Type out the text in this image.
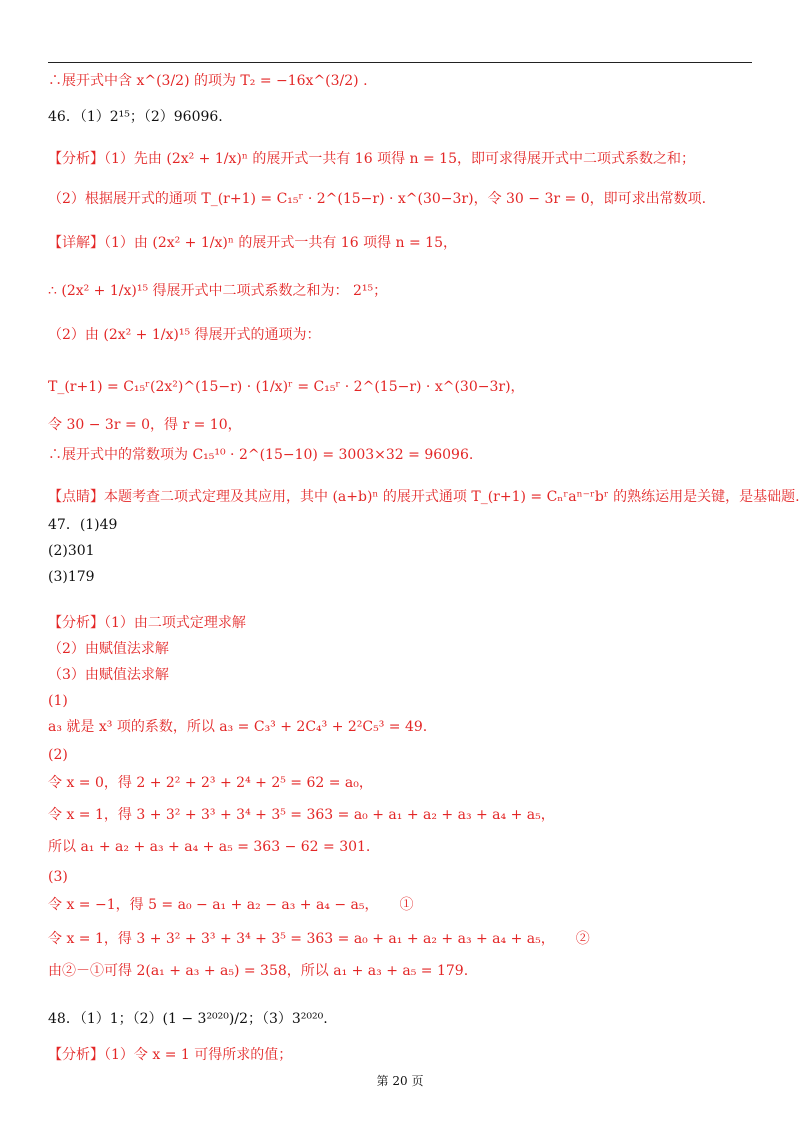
∴展开式中含 x^(3/2) 的项为 T₂ = −16x^(3/2) .
46．（1）2¹⁵；（2）96096.
【分析】（1）先由 (2x² + 1/x)ⁿ 的展开式一共有 16 项得 n = 15，即可求得展开式中二项式系数之和；
（2）根据展开式的通项 T_(r+1) = C₁₅ʳ · 2^(15−r) · x^(30−3r)，令 30 − 3r = 0，即可求出常数项.
【详解】（1）由 (2x² + 1/x)ⁿ 的展开式一共有 16 项得 n = 15，
∴ (2x² + 1/x)¹⁵ 得展开式中二项式系数之和为： 2¹⁵；
（2）由 (2x² + 1/x)¹⁵ 得展开式的通项为：
T_(r+1) = C₁₅ʳ(2x²)^(15−r) · (1/x)ʳ = C₁₅ʳ · 2^(15−r) · x^(30−3r)，
令 30 − 3r = 0，得 r = 10，
∴展开式中的常数项为 C₁₅¹⁰ · 2^(15−10) = 3003×32 = 96096.
【点睛】本题考查二项式定理及其应用，其中 (a+b)ⁿ 的展开式通项 T_(r+1) = Cₙʳaⁿ⁻ʳbʳ 的熟练运用是关键，是基础题.
47．(1)49
(2)301
(3)179
【分析】（1）由二项式定理求解
（2）由赋值法求解
（3）由赋值法求解
(1)
a₃ 就是 x³ 项的系数，所以 a₃ = C₃³ + 2C₄³ + 2²C₅³ = 49.
(2)
令 x = 0，得 2 + 2² + 2³ + 2⁴ + 2⁵ = 62 = a₀，
令 x = 1，得 3 + 3² + 3³ + 3⁴ + 3⁵ = 363 = a₀ + a₁ + a₂ + a₃ + a₄ + a₅，
所以 a₁ + a₂ + a₃ + a₄ + a₅ = 363 − 62 = 301.
(3)
令 x = −1，得 5 = a₀ − a₁ + a₂ − a₃ + a₄ − a₅，　　①
令 x = 1，得 3 + 3² + 3³ + 3⁴ + 3⁵ = 363 = a₀ + a₁ + a₂ + a₃ + a₄ + a₅，　　②
由②－①可得 2(a₁ + a₃ + a₅) = 358，所以 a₁ + a₃ + a₅ = 179.
48．（1）1；（2）(1 − 3²⁰²⁰)/2；（3）3²⁰²⁰.
【分析】（1）令 x = 1 可得所求的值；
第 20 页
